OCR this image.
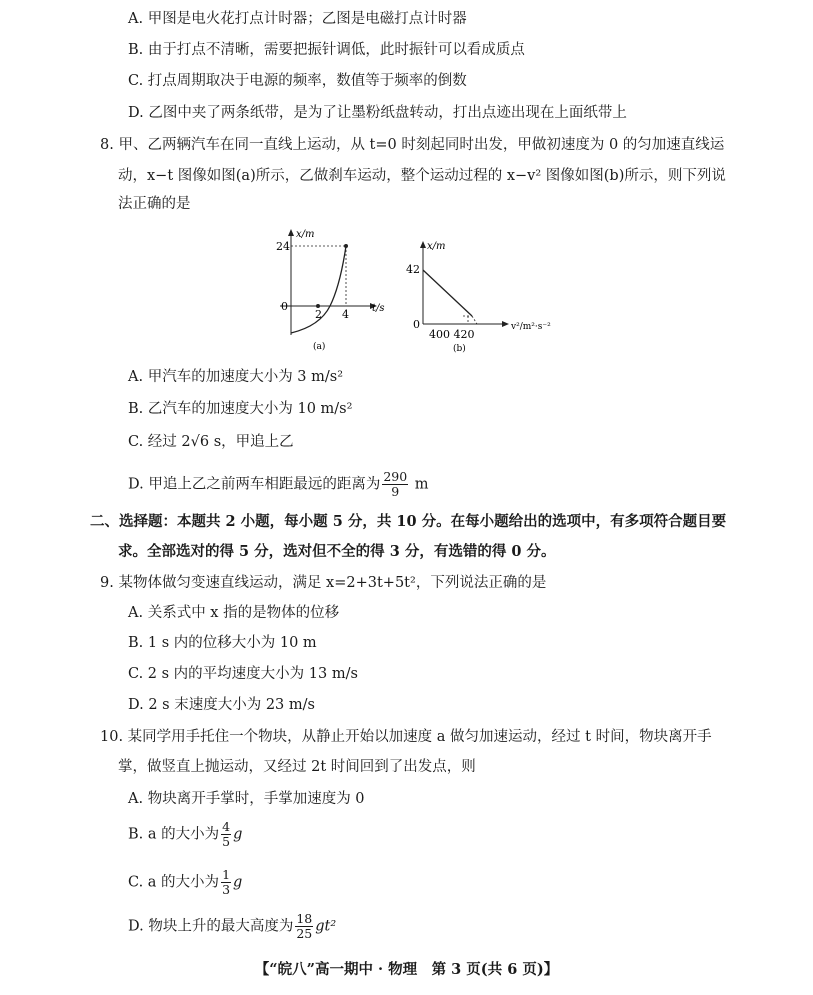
A. 甲图是电火花打点计时器；乙图是电磁打点计时器
B. 由于打点不清晰，需要把振针调低，此时振针可以看成质点
C. 打点周期取决于电源的频率，数值等于频率的倒数
D. 乙图中夹了两条纸带，是为了让墨粉纸盘转动，打出点迹出现在上面纸带上
8. 甲、乙两辆汽车在同一直线上运动，从 t=0 时刻起同时出发，甲做初速度为 0 的匀加速直线运
动，x−t 图像如图(a)所示，乙做刹车运动，整个运动过程的 x−v² 图像如图(b)所示，则下列说
法正确的是
x/m
t/s
24
0
2 4
(a)
x/m
v²/m²·s⁻²
42
0
400 420
(b)
A. 甲汽车的加速度大小为 3 m/s²
B. 乙汽车的加速度大小为 10 m/s²
C. 经过 2√6 s，甲追上乙
D. 甲追上乙之前两车相距最远的距离为 $\frac{290}{9}$ m
二、选择题：本题共 2 小题，每小题 5 分，共 10 分。在每小题给出的选项中，有多项符合题目要
求。全部选对的得 5 分，选对但不全的得 3 分，有选错的得 0 分。
9. 某物体做匀变速直线运动，满足 x=2+3t+5t²，下列说法正确的是
A. 关系式中 x 指的是物体的位移
B. 1 s 内的位移大小为 10 m
C. 2 s 内的平均速度大小为 13 m/s
D. 2 s 末速度大小为 23 m/s
10. 某同学用手托住一个物块，从静止开始以加速度 a 做匀加速运动，经过 t 时间，物块离开手
掌，做竖直上抛运动，又经过 2t 时间回到了出发点，则
A. 物块离开手掌时，手掌加速度为 0
B. a 的大小为 $\frac{4}{5}$ g
C. a 的大小为 $\frac{1}{3}$ g
D. 物块上升的最大高度为 $\frac{18}{25} gt^2$
【“皖八”高一期中 · 物理　第 3 页(共 6 页)】
